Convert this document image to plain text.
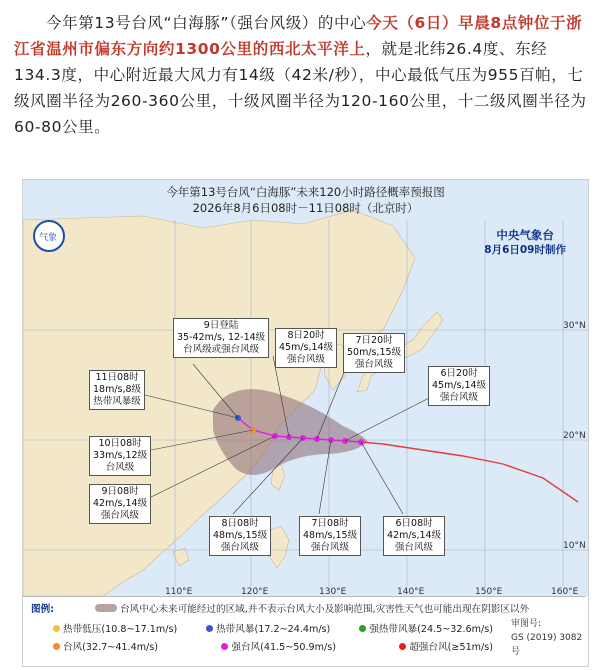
今年第13号台风“白海豚”（强台风级）的中心今天（6日）早晨8点钟位于浙江省温州市偏东方向约1300公里的西北太平洋上，就是北纬26.4度、东经134.3度，中心附近最大风力有14级（42米/秒），中心最低气压为955百帕，七级风圈半径为260-360公里，十级风圈半径为120-160公里，十二级风圈半径为60-80公里。
110°E	120°E	130°E	140°E	150°E	160°E
30°N
20°N
10°N
气象
今年第13号台风“白海豚”未来120小时路径概率预报图
2026年8月6日08时－11日08时（北京时）
中央气象台
8月6日09时制作
9日登陆
35-42m/s, 12-14级
台风级或强台风级
8日20时
45m/s,14级
强台风级
7日20时
50m/s,15级
强台风级
6日20时
45m/s,14级
强台风级
11日08时
18m/s,8级
热带风暴级
10日08时
33m/s,12级
台风级
9日08时
42m/s,14级
强台风级
8日08时
48m/s,15级
强台风级
7日08时
48m/s,15级
强台风级
6日08时
42m/s,14级
强台风级
图例:	台风中心未来可能经过的区域,并不表示台风大小及影响范围,灾害性天气也可能出现在阴影区以外
热带低压(10.8~17.1m/s)	热带风暴(17.2~24.4m/s)	强热带风暴(24.5~32.6m/s)
台风(32.7~41.4m/s)	强台风(41.5~50.9m/s)	超强台风(≥51m/s)
审图号:
GS (2019) 3082号
